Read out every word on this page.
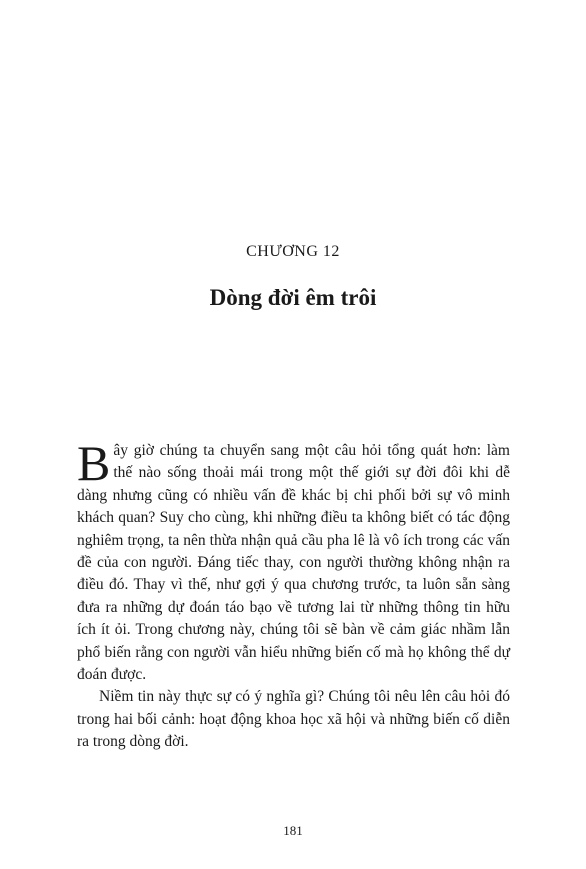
CHƯƠNG 12
Dòng đời êm trôi

Bây giờ chúng ta chuyển sang một câu hỏi tổng quát hơn: làm thế nào sống thoải mái trong một thế giới sự đời đôi khi dễ dàng nhưng cũng có nhiều vấn đề khác bị chi phối bởi sự vô minh khách quan? Suy cho cùng, khi những điều ta không biết có tác động nghiêm trọng, ta nên thừa nhận quả cầu pha lê là vô ích trong các vấn đề của con người. Đáng tiếc thay, con người thường không nhận ra điều đó. Thay vì thế, như gợi ý qua chương trước, ta luôn sẵn sàng đưa ra những dự đoán táo bạo về tương lai từ những thông tin hữu ích ít ỏi. Trong chương này, chúng tôi sẽ bàn về cảm giác nhầm lẫn phổ biến rằng con người vẫn hiểu những biến cố mà họ không thể dự đoán được.

Niềm tin này thực sự có ý nghĩa gì? Chúng tôi nêu lên câu hỏi đó trong hai bối cảnh: hoạt động khoa học xã hội và những biến cố diễn ra trong dòng đời.

181
